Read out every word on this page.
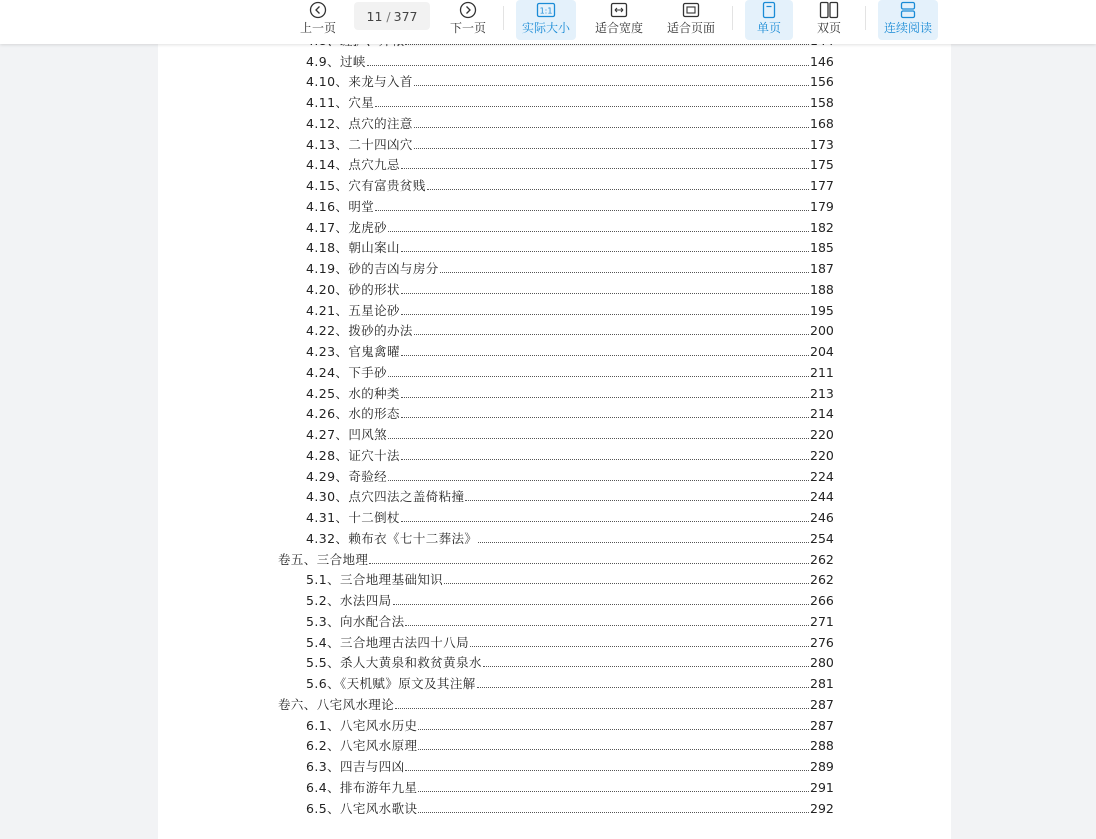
4.9、过峡	146
4.10、来龙与入首	156
4.11、穴星	158
4.12、点穴的注意	168
4.13、二十四凶穴	173
4.14、点穴九忌	175
4.15、穴有富贵贫贱	177
4.16、明堂	179
4.17、龙虎砂	182
4.18、朝山案山	185
4.19、砂的吉凶与房分	187
4.20、砂的形状	188
4.21、五星论砂	195
4.22、拨砂的办法	200
4.23、官鬼禽曜	204
4.24、下手砂	211
4.25、水的种类	213
4.26、水的形态	214
4.27、凹风煞	220
4.28、证穴十法	220
4.29、奇验经	224
4.30、点穴四法之盖倚粘撞	244
4.31、十二倒杖	246
4.32、赖布衣《七十二葬法》	254
卷五、三合地理	262
5.1、三合地理基础知识	262
5.2、水法四局	266
5.3、向水配合法	271
5.4、三合地理古法四十八局	276
5.5、杀人大黄泉和救贫黄泉水	280
5.6、《天机赋》原文及其注解	281
卷六、八宅风水理论	287
6.1、八宅风水历史	287
6.2、八宅风水原理	288
6.3、四吉与四凶	289
6.4、排布游年九星	291
6.5、八宅风水歌诀	292
上一页
11 / 377
下一页
1:1
实际大小 适合宽度 适合页面	单页	双页	连续阅读
